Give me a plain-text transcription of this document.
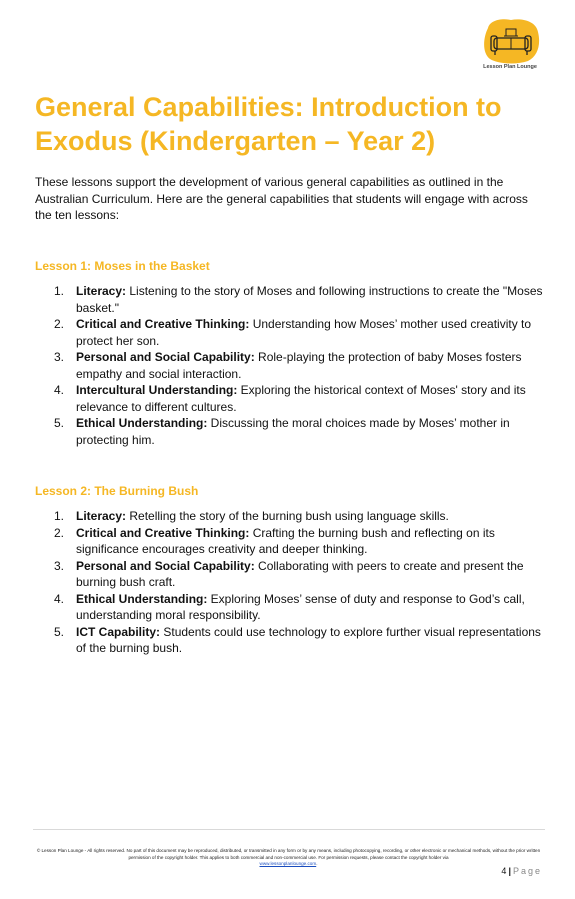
Lesson Plan Lounge
General Capabilities: Introduction to Exodus (Kindergarten – Year 2)

These lessons support the development of various general capabilities as outlined in the Australian Curriculum. Here are the general capabilities that students will engage with across the ten lessons:

Lesson 1: Moses in the Basket
1. Literacy: Listening to the story of Moses and following instructions to create the "Moses basket."
2. Critical and Creative Thinking: Understanding how Moses’ mother used creativity to protect her son.
3. Personal and Social Capability: Role-playing the protection of baby Moses fosters empathy and social interaction.
4. Intercultural Understanding: Exploring the historical context of Moses' story and its relevance to different cultures.
5. Ethical Understanding: Discussing the moral choices made by Moses’ mother in protecting him.
Lesson 2: The Burning Bush
1. Literacy: Retelling the story of the burning bush using language skills.
2. Critical and Creative Thinking: Crafting the burning bush and reflecting on its significance encourages creativity and deeper thinking.
3. Personal and Social Capability: Collaborating with peers to create and present the burning bush craft.
4. Ethical Understanding: Exploring Moses’ sense of duty and response to God’s call, understanding moral responsibility.
5. ICT Capability: Students could use technology to explore further visual representations of the burning bush.
© Lesson Plan Lounge - All rights reserved. No part of this document may be reproduced, distributed, or transmitted in any form or by any means, including photocopying, recording, or other electronic or mechanical methods, without the prior written permission of the copyright holder. This applies to both commercial and non-commercial use. For permission requests, please contact the copyright holder via
www.lessonplanlounge.com.
4 | Page
